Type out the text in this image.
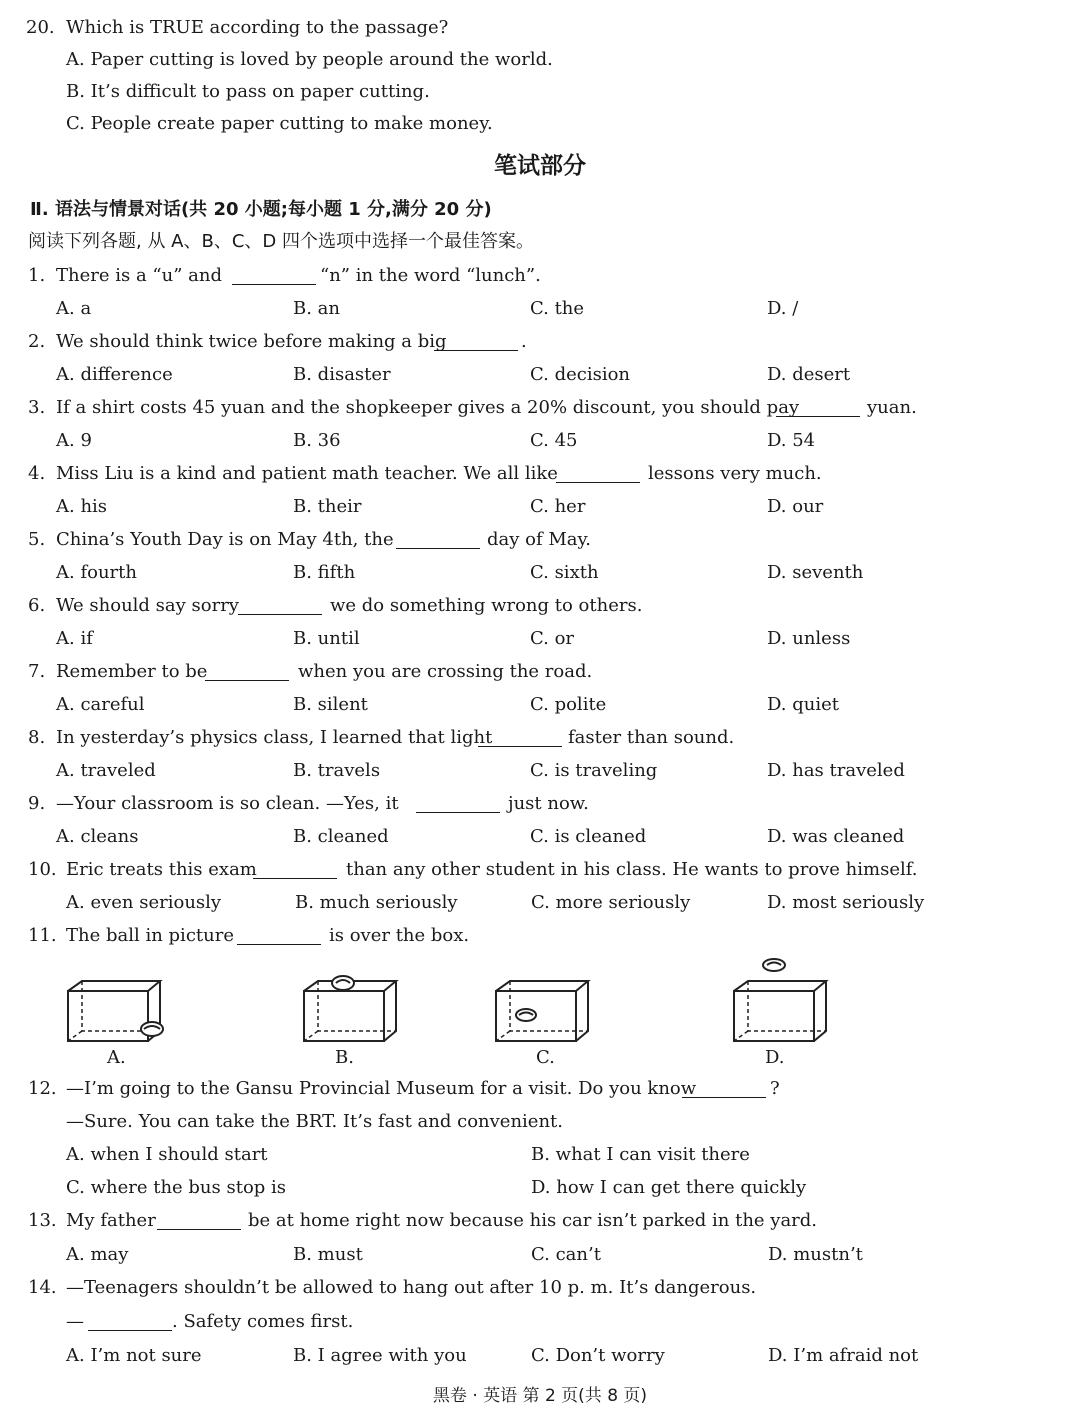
20. Which is TRUE according to the passage?
A. Paper cutting is loved by people around the world.
B. It’s difficult to pass on paper cutting.
C. People create paper cutting to make money.
笔试部分
Ⅱ. 语法与情景对话(共 20 小题;每小题 1 分,满分 20 分)
阅读下列各题, 从 A、B、C、D 四个选项中选择一个最佳答案。
1. There is a “u” and	“n” in the word “lunch”.
A. a	B. an	C. the	D. /
2. We should think twice before making a big	.
A. difference	B. disaster	C. decision	D. desert
3. If a shirt costs 45 yuan and the shopkeeper gives a 20% discount, you should pay	yuan.
A. 9	B. 36	C. 45	D. 54
4. Miss Liu is a kind and patient math teacher. We all like	lessons very much.
A. his	B. their	C. her	D. our
5. China’s Youth Day is on May 4th, the	day of May.
A. fourth	B. fifth	C. sixth	D. seventh
6. We should say sorry	we do something wrong to others.
A. if	B. until	C. or	D. unless
7. Remember to be	when you are crossing the road.
A. careful	B. silent	C. polite	D. quiet
8. In yesterday’s physics class, I learned that light	faster than sound.
A. traveled	B. travels	C. is traveling	D. has traveled
9. —Your classroom is so clean. —Yes, it	just now.
A. cleans	B. cleaned	C. is cleaned	D. was cleaned
10. Eric treats this exam	than any other student in his class. He wants to prove himself.
A. even seriously	B. much seriously	C. more seriously	D. most seriously
11. The ball in picture	is over the box.
A.	B.	C.	D.
12. —I’m going to the Gansu Provincial Museum for a visit. Do you know	?
—Sure. You can take the BRT. It’s fast and convenient.
A. when I should start	B. what I can visit there
C. where the bus stop is	D. how I can get there quickly
13. My father	be at home right now because his car isn’t parked in the yard.
A. may	B. must	C. can’t	D. mustn’t
14. —Teenagers shouldn’t be allowed to hang out after 10 p. m. It’s dangerous.
—	. Safety comes first.
A. I’m not sure	B. I agree with you	C. Don’t worry	D. I’m afraid not
黑卷 · 英语 第 2 页(共 8 页)
